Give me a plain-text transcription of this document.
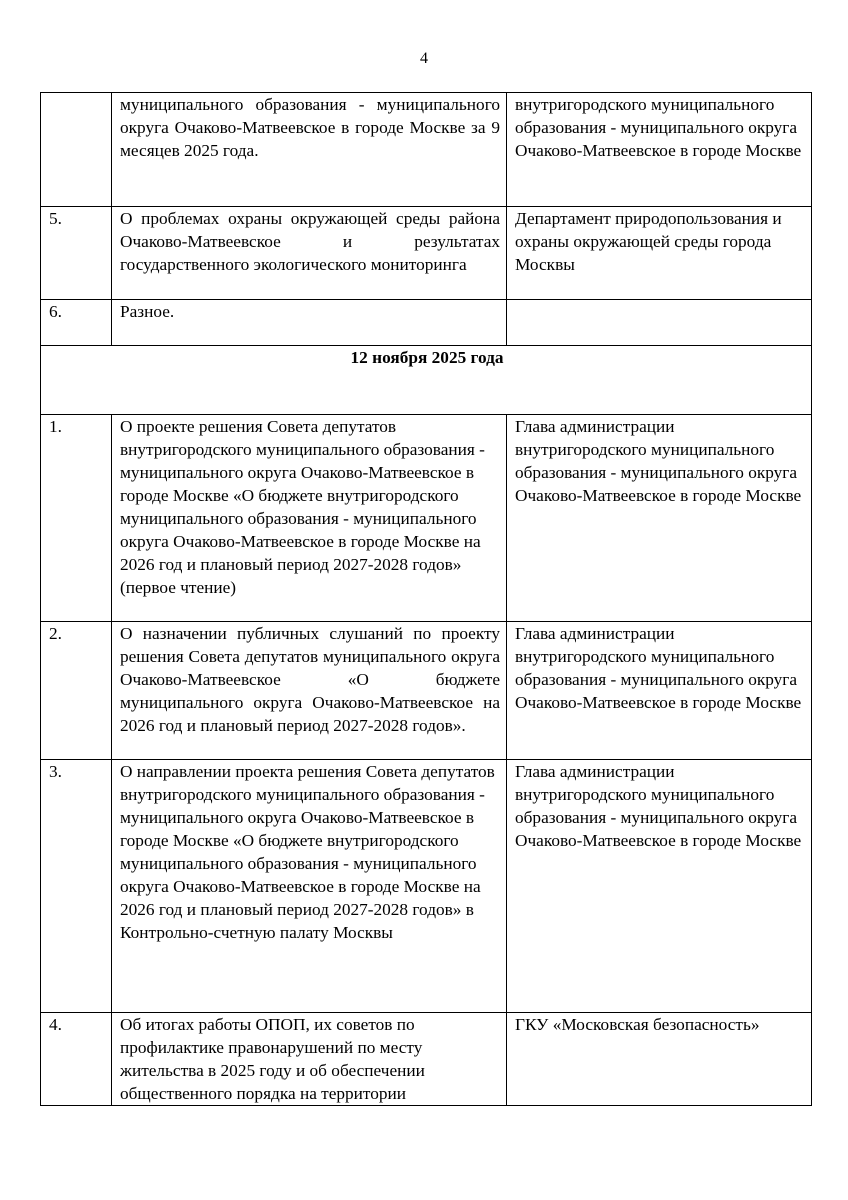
4
	муниципального образования - муниципального округа Очаково-Матвеевское в городе Москве за 9 месяцев 2025 года.	внутригородского муниципального образования - муниципального округа Очаково-Матвеевское в городе Москве
5.	О проблемах охраны окружающей среды района Очаково-Матвеевское и результатах государственного экологического мониторинга	Департамент природопользования и охраны окружающей среды города Москвы
6.	Разное.	
12 ноября 2025 года		
1.	О проекте решения Совета депутатов внутригородского муниципального образования - муниципального округа Очаково-Матвеевское в городе Москве «О бюджете внутригородского муниципального образования - муниципального округа Очаково-Матвеевское в городе Москве на 2026 год и плановый период 2027-2028 годов» (первое чтение)	Глава администрации внутригородского муниципального образования - муниципального округа Очаково-Матвеевское в городе Москве
2.	О назначении публичных слушаний по проекту решения Совета депутатов муниципального округа Очаково-Матвеевское «О бюджете муниципального округа Очаково-Матвеевское на 2026 год и плановый период 2027-2028 годов».	Глава администрации внутригородского муниципального образования - муниципального округа Очаково-Матвеевское в городе Москве
3.	О направлении проекта решения Совета депутатов внутригородского муниципального образования - муниципального округа Очаково-Матвеевское в городе Москве «О бюджете внутригородского муниципального образования - муниципального округа Очаково-Матвеевское в городе Москве на 2026 год и плановый период 2027-2028 годов» в Контрольно-счетную палату Москвы	Глава администрации внутригородского муниципального образования - муниципального округа Очаково-Матвеевское в городе Москве
4.	Об итогах работы ОПОП, их советов по профилактике правонарушений по месту жительства в 2025 году и об обеспечении общественного порядка на территории	ГКУ «Московская безопасность»
